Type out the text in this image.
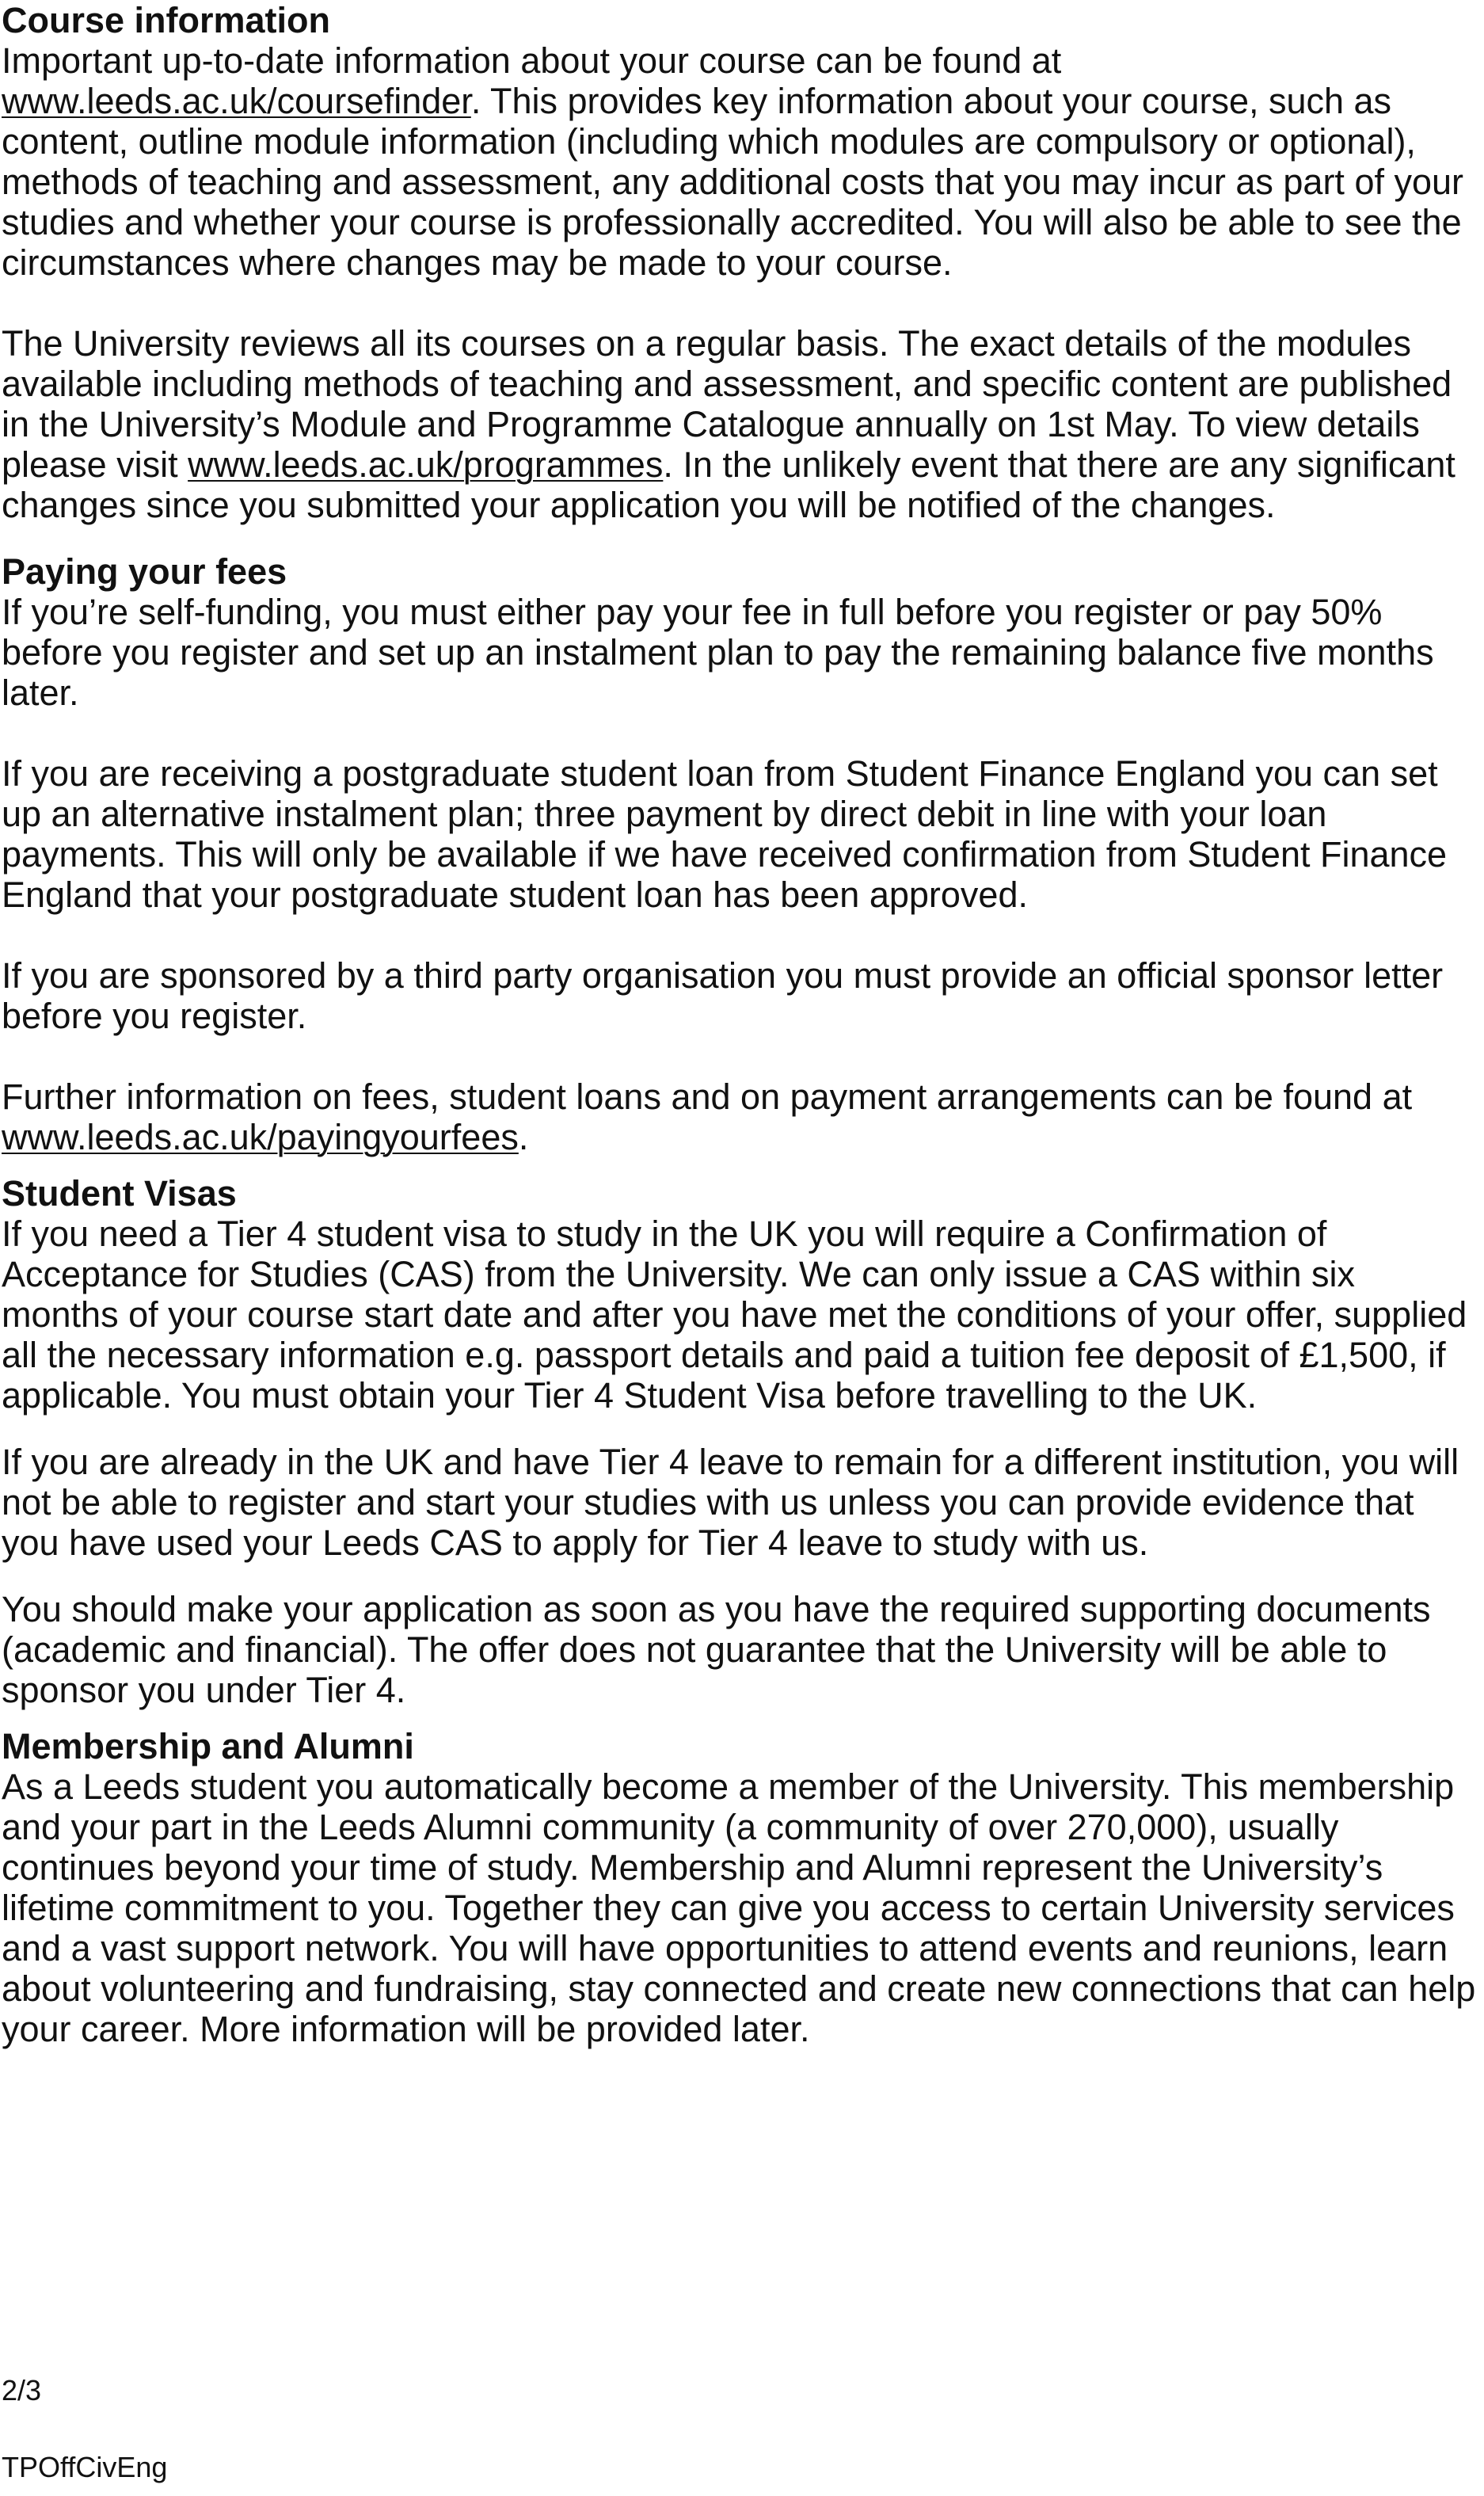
Course information

Important up-to-date information about your course can be found at www.leeds.ac.uk/coursefinder. This provides key information about your course, such as content, outline module information (including which modules are compulsory or optional), methods of teaching and assessment, any additional costs that you may incur as part of your studies and whether your course is professionally accredited. You will also be able to see the circumstances where changes may be made to your course.

The University reviews all its courses on a regular basis. The exact details of the modules available including methods of teaching and assessment, and specific content are published in the University’s Module and Programme Catalogue annually on 1st May. To view details please visit www.leeds.ac.uk/programmes. In the unlikely event that there are any significant changes since you submitted your application you will be notified of the changes.

Paying your fees

If you’re self-funding, you must either pay your fee in full before you register or pay 50% before you register and set up an instalment plan to pay the remaining balance five months later.

If you are receiving a postgraduate student loan from Student Finance England you can set up an alternative instalment plan; three payment by direct debit in line with your loan payments. This will only be available if we have received confirmation from Student Finance England that your postgraduate student loan has been approved.

If you are sponsored by a third party organisation you must provide an official sponsor letter before you register.

Further information on fees, student loans and on payment arrangements can be found at www.leeds.ac.uk/payingyourfees.

Student Visas

If you need a Tier 4 student visa to study in the UK you will require a Confirmation of Acceptance for Studies (CAS) from the University. We can only issue a CAS within six months of your course start date and after you have met the conditions of your offer, supplied all the necessary information e.g. passport details and paid a tuition fee deposit of £1,500, if applicable. You must obtain your Tier 4 Student Visa before travelling to the UK.

If you are already in the UK and have Tier 4 leave to remain for a different institution, you will not be able to register and start your studies with us unless you can provide evidence that you have used your Leeds CAS to apply for Tier 4 leave to study with us.

You should make your application as soon as you have the required supporting documents (academic and financial). The offer does not guarantee that the University will be able to sponsor you under Tier 4.

Membership and Alumni

As a Leeds student you automatically become a member of the University. This membership and your part in the Leeds Alumni community (a community of over 270,000), usually continues beyond your time of study. Membership and Alumni represent the University’s lifetime commitment to you. Together they can give you access to certain University services and a vast support network. You will have opportunities to attend events and reunions, learn about volunteering and fundraising, stay connected and create new connections that can help your career. More information will be provided later.

2/3
TPOffCivEng
